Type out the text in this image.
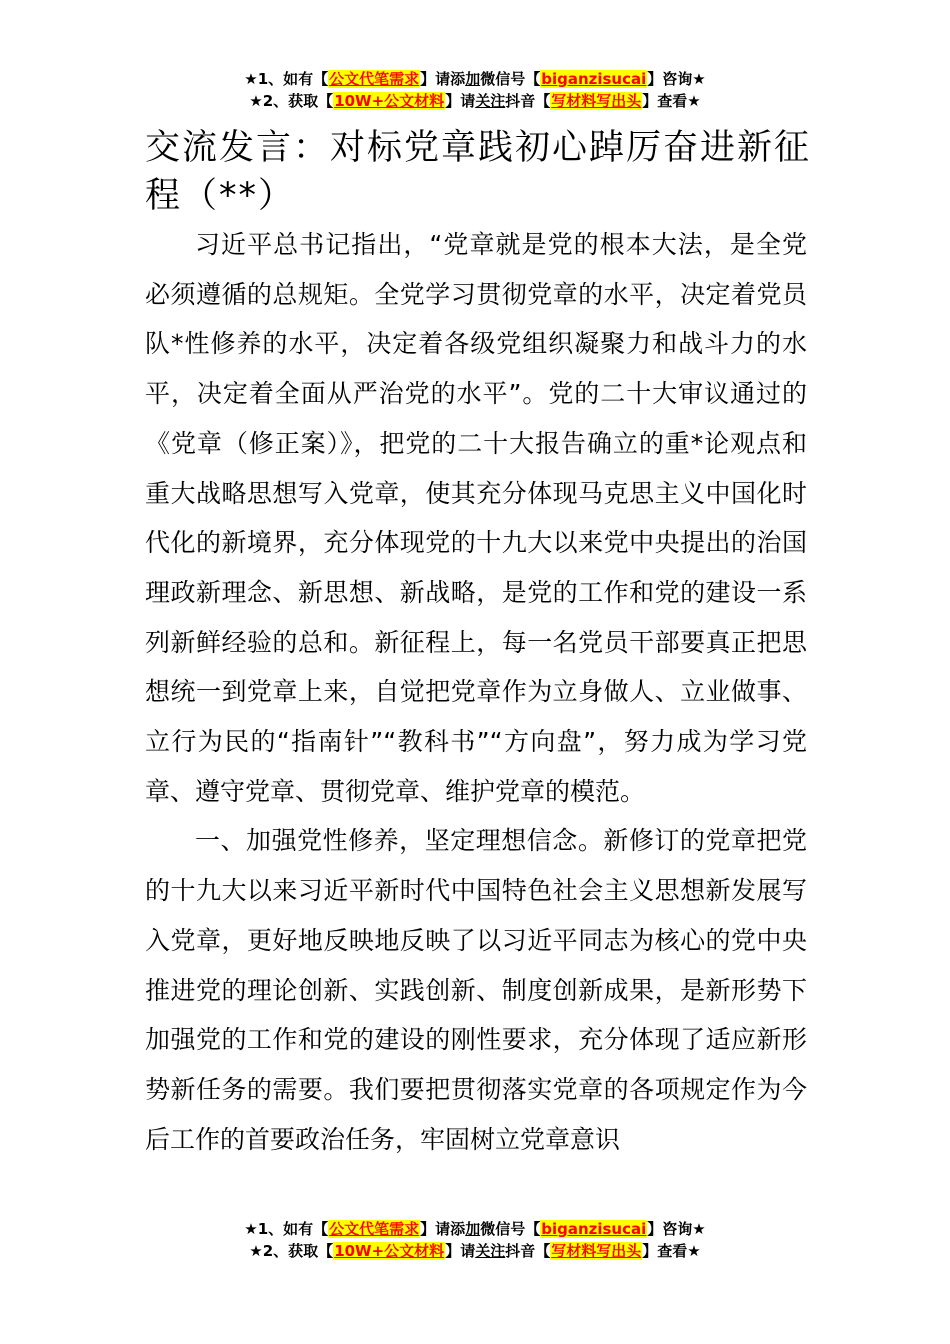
★1、如有【公文代笔需求】请添加微信号【biganzisucai】咨询★
★2、获取【10W+公文材料】请关注抖音【写材料写出头】查看★
交流发言：对标党章践初心踔厉奋进新征程（**）

习近平总书记指出，“党章就是党的根本大法，是全党必须遵循的总规矩。全党学习贯彻党章的水平，决定着党员队*性修养的水平，决定着各级党组织凝聚力和战斗力的水平，决定着全面从严治党的水平”。党的二十大审议通过的《党章（修正案）》，把党的二十大报告确立的重*论观点和重大战略思想写入党章，使其充分体现马克思主义中国化时代化的新境界，充分体现党的十九大以来党中央提出的治国理政新理念、新思想、新战略，是党的工作和党的建设一系列新鲜经验的总和。新征程上，每一名党员干部要真正把思想统一到党章上来，自觉把党章作为立身做人、立业做事、立行为民的“指南针”“教科书”“方向盘”，努力成为学习党章、遵守党章、贯彻党章、维护党章的模范。

一、加强党性修养，坚定理想信念。新修订的党章把党的十九大以来习近平新时代中国特色社会主义思想新发展写入党章，更好地反映地反映了以习近平同志为核心的党中央推进党的理论创新、实践创新、制度创新成果，是新形势下加强党的工作和党的建设的刚性要求，充分体现了适应新形势新任务的需要。我们要把贯彻落实党章的各项规定作为今后工作的首要政治任务，牢固树立党章意识

★1、如有【公文代笔需求】请添加微信号【biganzisucai】咨询★
★2、获取【10W+公文材料】请关注抖音【写材料写出头】查看★
